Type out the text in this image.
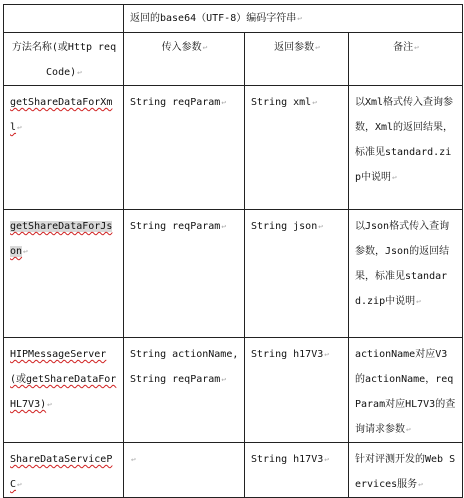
	返回的base64（UTF-8）编码字符串↩		

方法名称(或Http reqCode)↩	传入参数↩	返回参数↩	备注↩

getShareDataForXml↩	String reqParam↩	String xml↩	以Xml格式传入查询参数，Xml的返回结果，标准见standard.zip中说明↩

getShareDataForJson↩	String reqParam↩	String json↩	以Json格式传入查询参数，Json的返回结果，标准见standard.zip中说明↩

HIPMessageServer(或getShareDataForHL7V3)↩	String actionName, String reqParam↩	String h17V3↩	actionName对应V3的actionName，reqParam对应HL7V3的查询请求参数↩

ShareDataServicePC↩	↩	String h17V3↩	针对评测开发的Web Services服务↩
